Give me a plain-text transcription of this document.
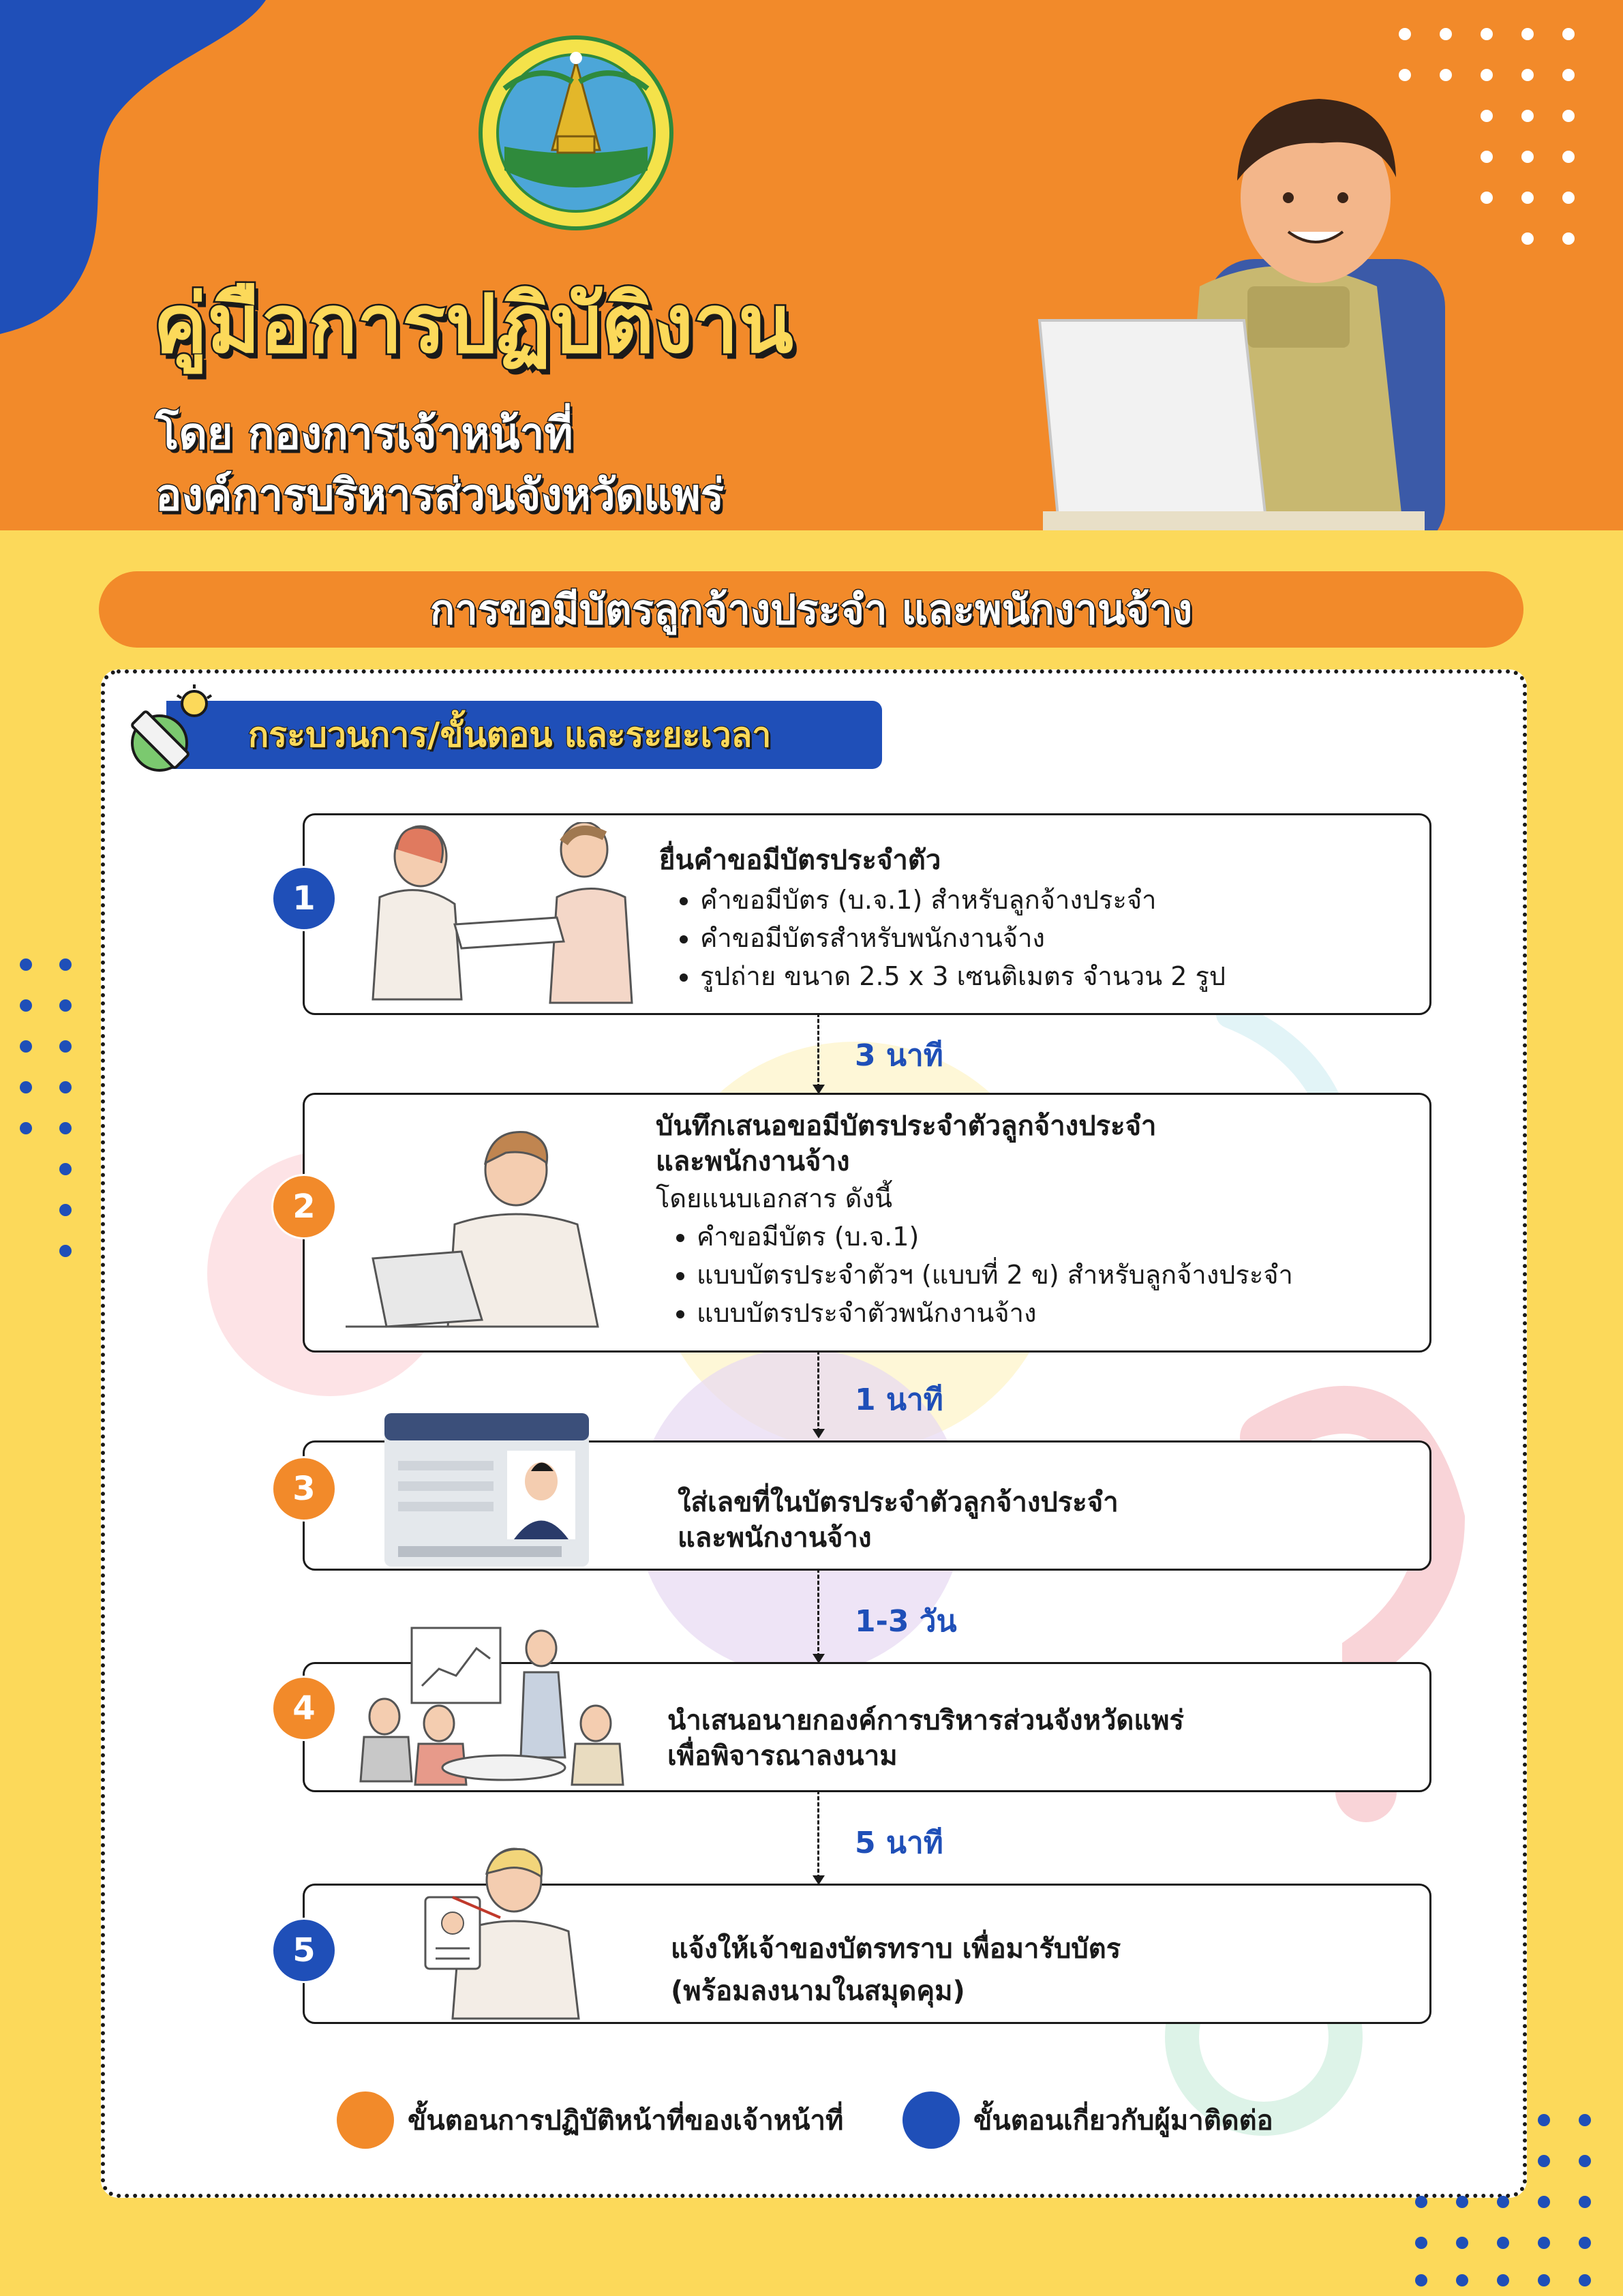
คู่มือการปฏิบัติงาน
โดย กองการเจ้าหน้าที่
องค์การบริหารส่วนจังหวัดแพร่
การขอมีบัตรลูกจ้างประจำ และพนักงานจ้าง
กระบวนการ/ขั้นตอน และระยะเวลา
ยื่นคำขอมีบัตรประจำตัว
• คำขอมีบัตร (บ.จ.1) สำหรับลูกจ้างประจำ
• คำขอมีบัตรสำหรับพนักงานจ้าง
• รูปถ่าย ขนาด 2.5 x 3 เซนติเมตร จำนวน 2 รูป
1
3 นาที
บันทึกเสนอขอมีบัตรประจำตัวลูกจ้างประจำ
และพนักงานจ้าง
โดยแนบเอกสาร ดังนี้
• คำขอมีบัตร (บ.จ.1)
• แบบบัตรประจำตัวฯ (แบบที่ 2 ข) สำหรับลูกจ้างประจำ
• แบบบัตรประจำตัวพนักงานจ้าง
2
1 นาที
ใส่เลขที่ในบัตรประจำตัวลูกจ้างประจำ
และพนักงานจ้าง
3
1-3 วัน
นำเสนอนายกองค์การบริหารส่วนจังหวัดแพร่
เพื่อพิจารณาลงนาม
4
5 นาที
แจ้งให้เจ้าของบัตรทราบ เพื่อมารับบัตร
(พร้อมลงนามในสมุดคุม)
5
ขั้นตอนการปฏิบัติหน้าที่ของเจ้าหน้าที่	ขั้นตอนเกี่ยวกับผู้มาติดต่อ
